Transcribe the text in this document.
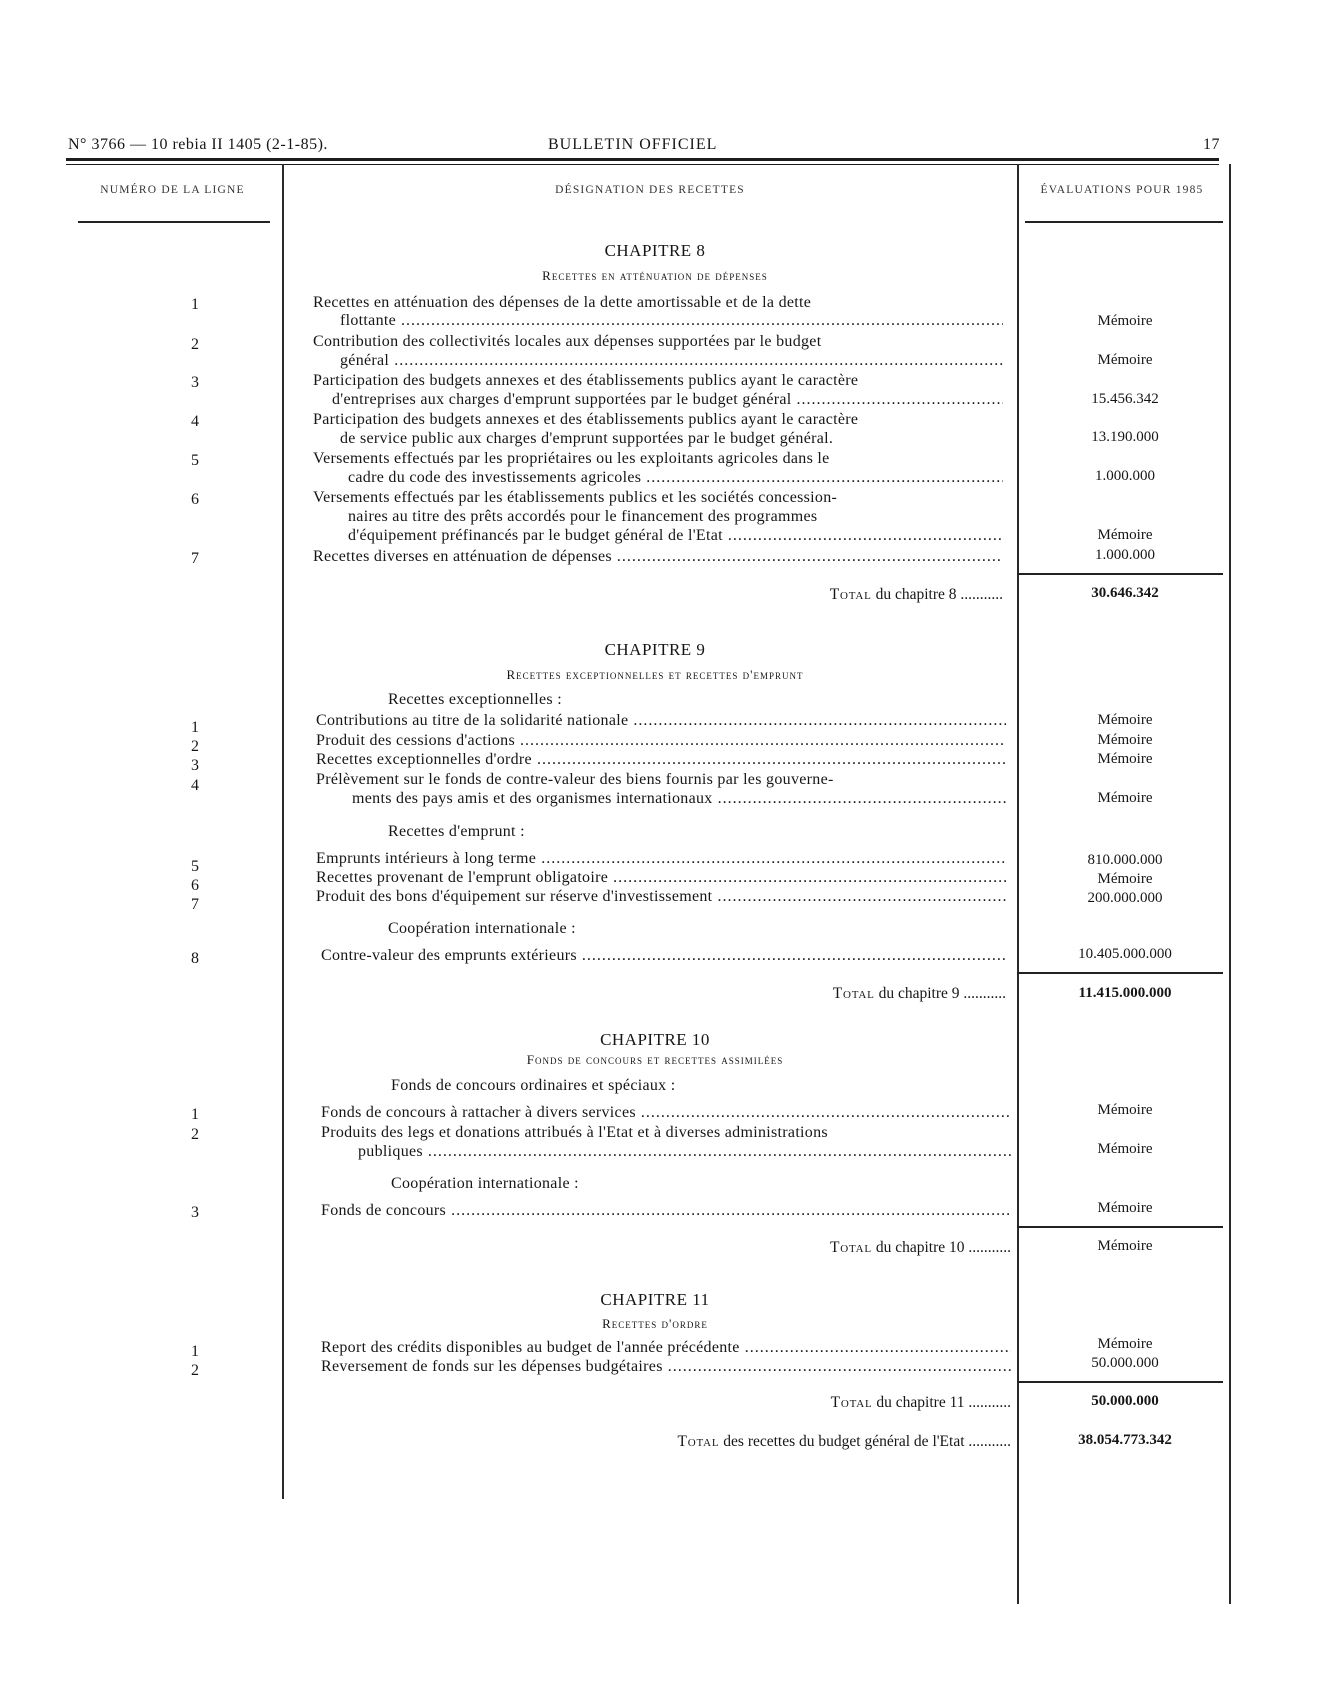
N° 3766 — 10 rebia II 1405 (2-1-85).	BULLETIN OFFICIEL	17
NUMÉRO DE LA LIGNE	DÉSIGNATION DES RECETTES	ÉVALUATIONS POUR 1985
CHAPITRE 8
Recettes en atténuation de dépenses
1	Recettes en atténuation des dépenses de la dette amortissable et de la dette
flottante .....	Mémoire
2	Contribution des collectivités locales aux dépenses supportées par le budget
général .....	Mémoire
3	Participation des budgets annexes et des établissements publics ayant le caractère
d'entreprises aux charges d'emprunt supportées par le budget général .....	15.456.342
4	Participation des budgets annexes et des établissements publics ayant le caractère
de service public aux charges d'emprunt supportées par le budget général.	13.190.000
5	Versements effectués par les propriétaires ou les exploitants agricoles dans le
cadre du code des investissements agricoles .....	1.000.000
6	Versements effectués par les établissements publics et les sociétés concession-
naires au titre des prêts accordés pour le financement des programmes
d'équipement préfinancés par le budget général de l'Etat .....	Mémoire
7	Recettes diverses en atténuation de dépenses .....	1.000.000
Total du chapitre 8 ...........	30.646.342
CHAPITRE 9
Recettes exceptionnelles et recettes d'emprunt
Recettes exceptionnelles :
1	Contributions au titre de la solidarité nationale .....	Mémoire
2	Produit des cessions d'actions .....	Mémoire
3	Recettes exceptionnelles d'ordre .....	Mémoire
4	Prélèvement sur le fonds de contre-valeur des biens fournis par les gouverne-
ments des pays amis et des organismes internationaux .....	Mémoire
Recettes d'emprunt :
5	Emprunts intérieurs à long terme .....	810.000.000
6	Recettes provenant de l'emprunt obligatoire .....	Mémoire
7	Produit des bons d'équipement sur réserve d'investissement .....	200.000.000
Coopération internationale :
8	Contre-valeur des emprunts extérieurs .....	10.405.000.000
Total du chapitre 9 ...........	11.415.000.000
CHAPITRE 10
Fonds de concours et recettes assimilées
Fonds de concours ordinaires et spéciaux :
1	Fonds de concours à rattacher à divers services .....	Mémoire
2	Produits des legs et donations attribués à l'Etat et à diverses administrations
publiques .....	Mémoire
Coopération internationale :
3	Fonds de concours .....	Mémoire
Total du chapitre 10 ...........	Mémoire
CHAPITRE 11
Recettes d'ordre
1	Report des crédits disponibles au budget de l'année précédente .....	Mémoire
2	Reversement de fonds sur les dépenses budgétaires .....	50.000.000
Total du chapitre 11 ...........	50.000.000
Total des recettes du budget général de l'Etat ...........	38.054.773.342
